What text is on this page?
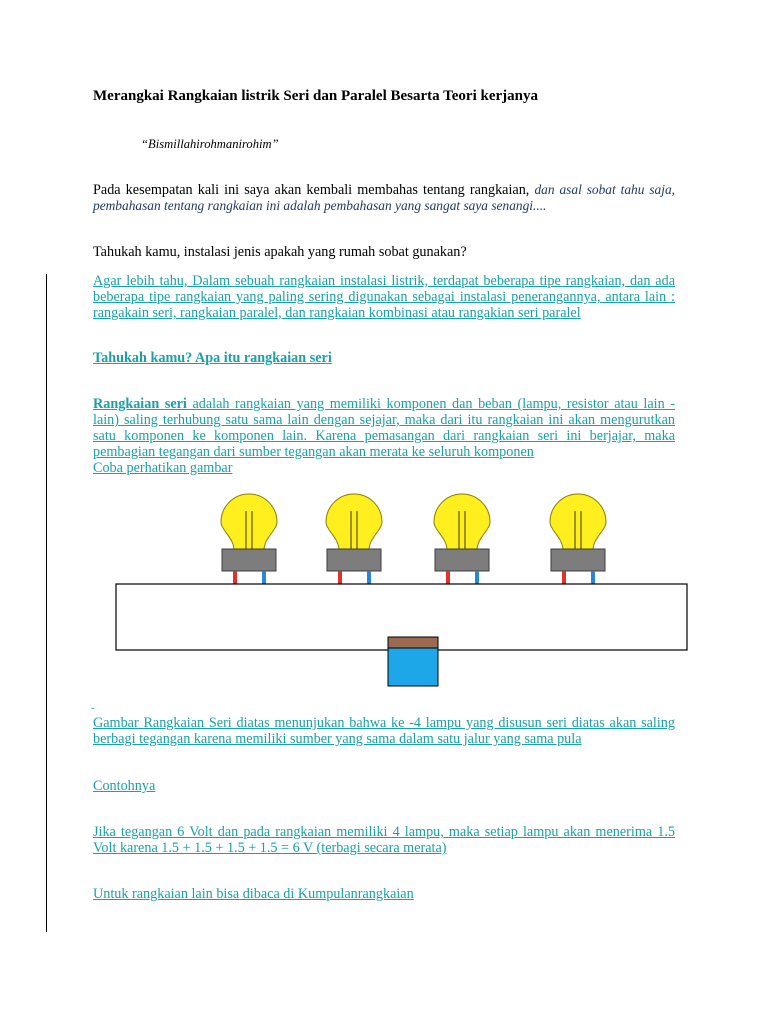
Merangkai Rangkaian listrik Seri dan Paralel Besarta Teori kerjanya
“Bismillahirohmanirohim”
Pada kesempatan kali ini saya akan kembali membahas tentang rangkaian, dan asal sobat tahu saja, pembahasan tentang rangkaian ini adalah pembahasan yang sangat saya senangi....
Tahukah kamu, instalasi jenis apakah yang rumah sobat gunakan?
Agar lebih tahu, Dalam sebuah rangkaian instalasi listrik, terdapat beberapa tipe rangkaian, dan ada beberapa tipe rangkaian yang paling sering digunakan sebagai instalasi penerangannya, antara lain : rangakain seri, rangkaian paralel, dan rangkaian kombinasi atau rangakian seri paralel
Tahukah kamu? Apa itu rangkaian seri
Rangkaian seri adalah rangkaian yang memiliki komponen dan beban (lampu, resistor atau lain - lain) saling terhubung satu sama lain dengan sejajar, maka dari itu rangkaian ini akan mengurutkan satu komponen ke komponen lain. Karena pemasangan dari rangkaian seri ini berjajar, maka pembagian tegangan dari sumber tegangan akan merata ke seluruh komponen
Coba perhatikan gambar
-
Gambar Rangkaian Seri diatas menunjukan bahwa ke -4 lampu yang disusun seri diatas akan saling berbagi tegangan karena memiliki sumber yang sama dalam satu jalur yang sama pula
Contohnya
Jika tegangan 6 Volt dan pada rangkaian memiliki 4 lampu, maka setiap lampu akan menerima 1.5 Volt karena 1.5 + 1.5 + 1.5 + 1.5 = 6 V (terbagi secara merata)
Untuk rangkaian lain bisa dibaca di Kumpulanrangkaian
